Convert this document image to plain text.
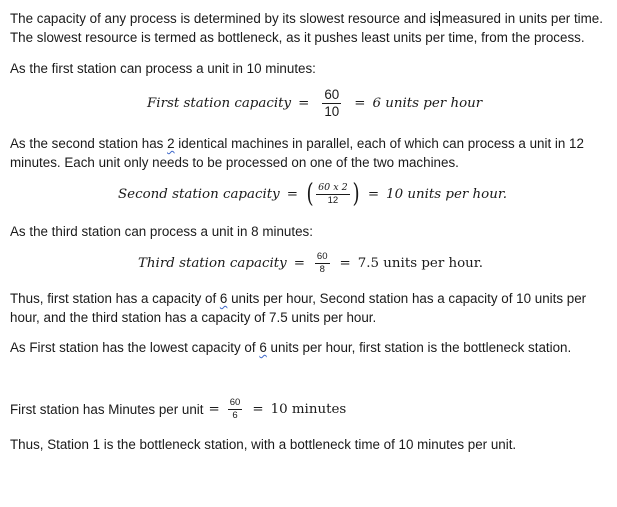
The capacity of any process is determined by its slowest resource and is measured in units per time.
The slowest resource is termed as bottleneck, as it pushes least units per time, from the process.

As the first station can process a unit in 10 minutes:

First station capacity = $\frac{60}{10} = 6$ units per hour

As the second station has 2 identical machines in parallel, each of which can process a unit in 12
minutes. Each unit only needs to be processed on one of the two machines.

Second station capacity = ( $\frac{60 x 2}{12}$ ) = 10 units per hour.

As the third station can process a unit in 8 minutes:

Third station capacity = $\frac{60}{8} = 7.5$ units per hour.

Thus, first station has a capacity of 6 units per hour, Second station has a capacity of 10 units per
hour, and the third station has a capacity of 7.5 units per hour.

As First station has the lowest capacity of 6 units per hour, first station is the bottleneck station.

First station has Minutes per unit = $\frac{60}{6} = 10$ minutes

Thus, Station 1 is the bottleneck station, with a bottleneck time of 10 minutes per unit.
